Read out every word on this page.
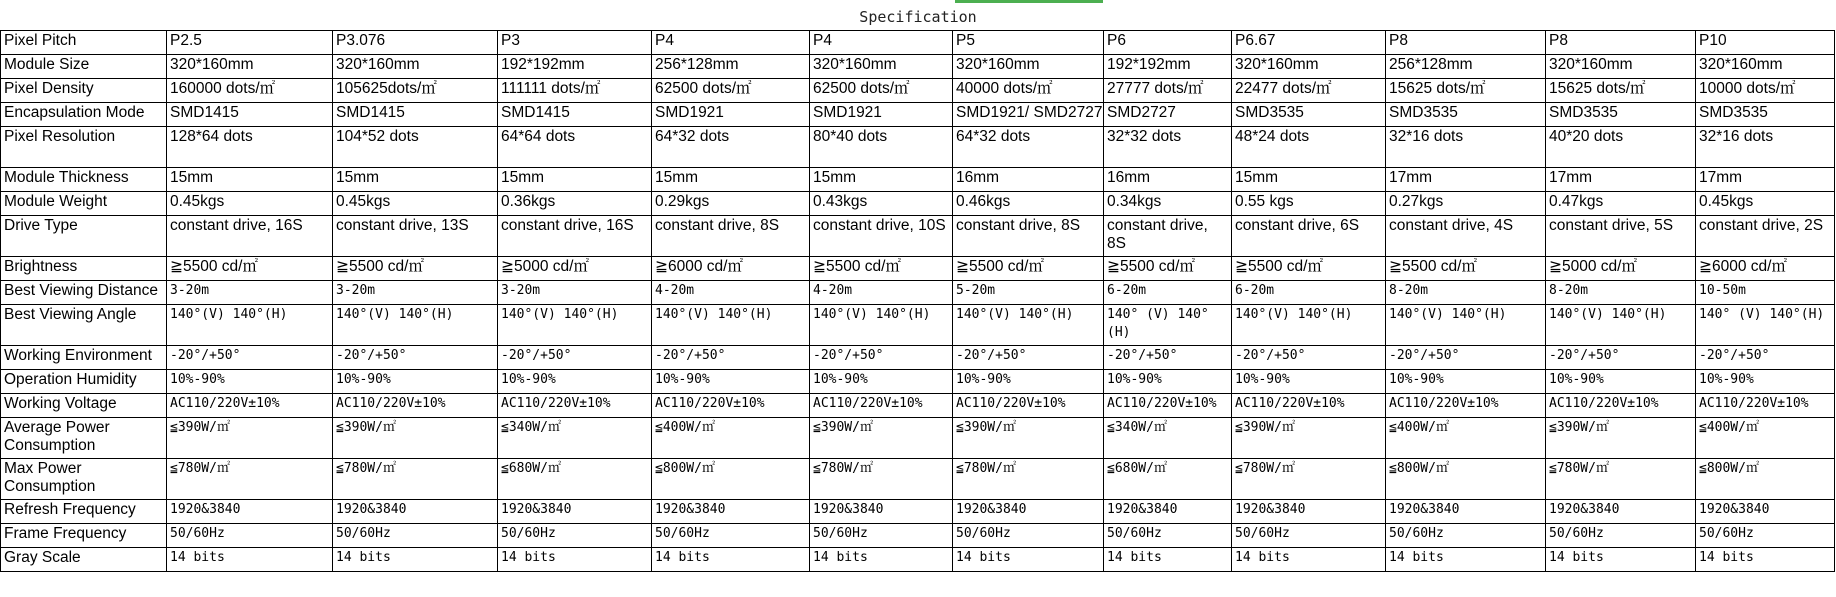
Specification
Pixel Pitch	P2.5	P3.076	P3	P4	P4	P5	P6	P6.67	P8	P8	P10
Module Size	320*160mm	320*160mm	192*192mm	256*128mm	320*160mm	320*160mm	192*192mm	320*160mm	256*128mm	320*160mm	320*160mm
Pixel Density	160000 dots/㎡	105625dots/㎡	111111 dots/㎡	62500 dots/㎡	62500 dots/㎡	40000 dots/㎡	27777 dots/㎡	22477 dots/㎡	15625 dots/㎡	15625 dots/㎡	10000 dots/㎡
Encapsulation Mode	SMD1415	SMD1415	SMD1415	SMD1921	SMD1921	SMD1921/ SMD2727	SMD2727	SMD3535	SMD3535	SMD3535	SMD3535
Pixel Resolution	128*64 dots	104*52 dots	64*64 dots	64*32 dots	80*40 dots	64*32 dots	32*32 dots	48*24 dots	32*16 dots	40*20 dots	32*16 dots
Module Thickness	15mm	15mm	15mm	15mm	15mm	16mm	16mm	15mm	17mm	17mm	17mm
Module Weight	0.45kgs	0.45kgs	0.36kgs	0.29kgs	0.43kgs	0.46kgs	0.34kgs	0.55 kgs	0.27kgs	0.47kgs	0.45kgs
Drive Type	constant drive, 16S	constant drive, 13S	constant drive, 16S	constant drive, 8S	constant drive, 10S	constant drive, 8S	constant drive, 8S	constant drive, 6S	constant drive, 4S	constant drive, 5S	constant drive, 2S
Brightness	≧5500 cd/㎡	≧5500 cd/㎡	≧5000 cd/㎡	≧6000 cd/㎡	≧5500 cd/㎡	≧5500 cd/㎡	≧5500 cd/㎡	≧5500 cd/㎡	≧5500 cd/㎡	≧5000 cd/㎡	≧6000 cd/㎡
Best Viewing Distance	3-20m	3-20m	3-20m	4-20m	4-20m	5-20m	6-20m	6-20m	8-20m	8-20m	10-50m
Best Viewing Angle	140°(V) 140°(H)	140°(V) 140°(H)	140°(V) 140°(H)	140°(V) 140°(H)	140°(V) 140°(H)	140°(V) 140°(H)	140° (V) 140°(H)	140°(V) 140°(H)	140°(V) 140°(H)	140°(V) 140°(H)	140° (V) 140°(H)
Working Environment	-20°/+50°	-20°/+50°	-20°/+50°	-20°/+50°	-20°/+50°	-20°/+50°	-20°/+50°	-20°/+50°	-20°/+50°	-20°/+50°	-20°/+50°
Operation Humidity	10%-90%	10%-90%	10%-90%	10%-90%	10%-90%	10%-90%	10%-90%	10%-90%	10%-90%	10%-90%	10%-90%
Working Voltage	AC110/220V±10%	AC110/220V±10%	AC110/220V±10%	AC110/220V±10%	AC110/220V±10%	AC110/220V±10%	AC110/220V±10%	AC110/220V±10%	AC110/220V±10%	AC110/220V±10%	AC110/220V±10%
Average Power Consumption	≦390W/㎡	≦390W/㎡	≦340W/㎡	≦400W/㎡	≦390W/㎡	≦390W/㎡	≦340W/㎡	≦390W/㎡	≦400W/㎡	≦390W/㎡	≦400W/㎡
Max Power Consumption	≦780W/㎡	≦780W/㎡	≦680W/㎡	≦800W/㎡	≦780W/㎡	≦780W/㎡	≦680W/㎡	≦780W/㎡	≦800W/㎡	≦780W/㎡	≦800W/㎡
Refresh Frequency	1920&3840	1920&3840	1920&3840	1920&3840	1920&3840	1920&3840	1920&3840	1920&3840	1920&3840	1920&3840	1920&3840
Frame Frequency	50/60Hz	50/60Hz	50/60Hz	50/60Hz	50/60Hz	50/60Hz	50/60Hz	50/60Hz	50/60Hz	50/60Hz	50/60Hz
Gray Scale	14 bits	14 bits	14 bits	14 bits	14 bits	14 bits	14 bits	14 bits	14 bits	14 bits	14 bits
